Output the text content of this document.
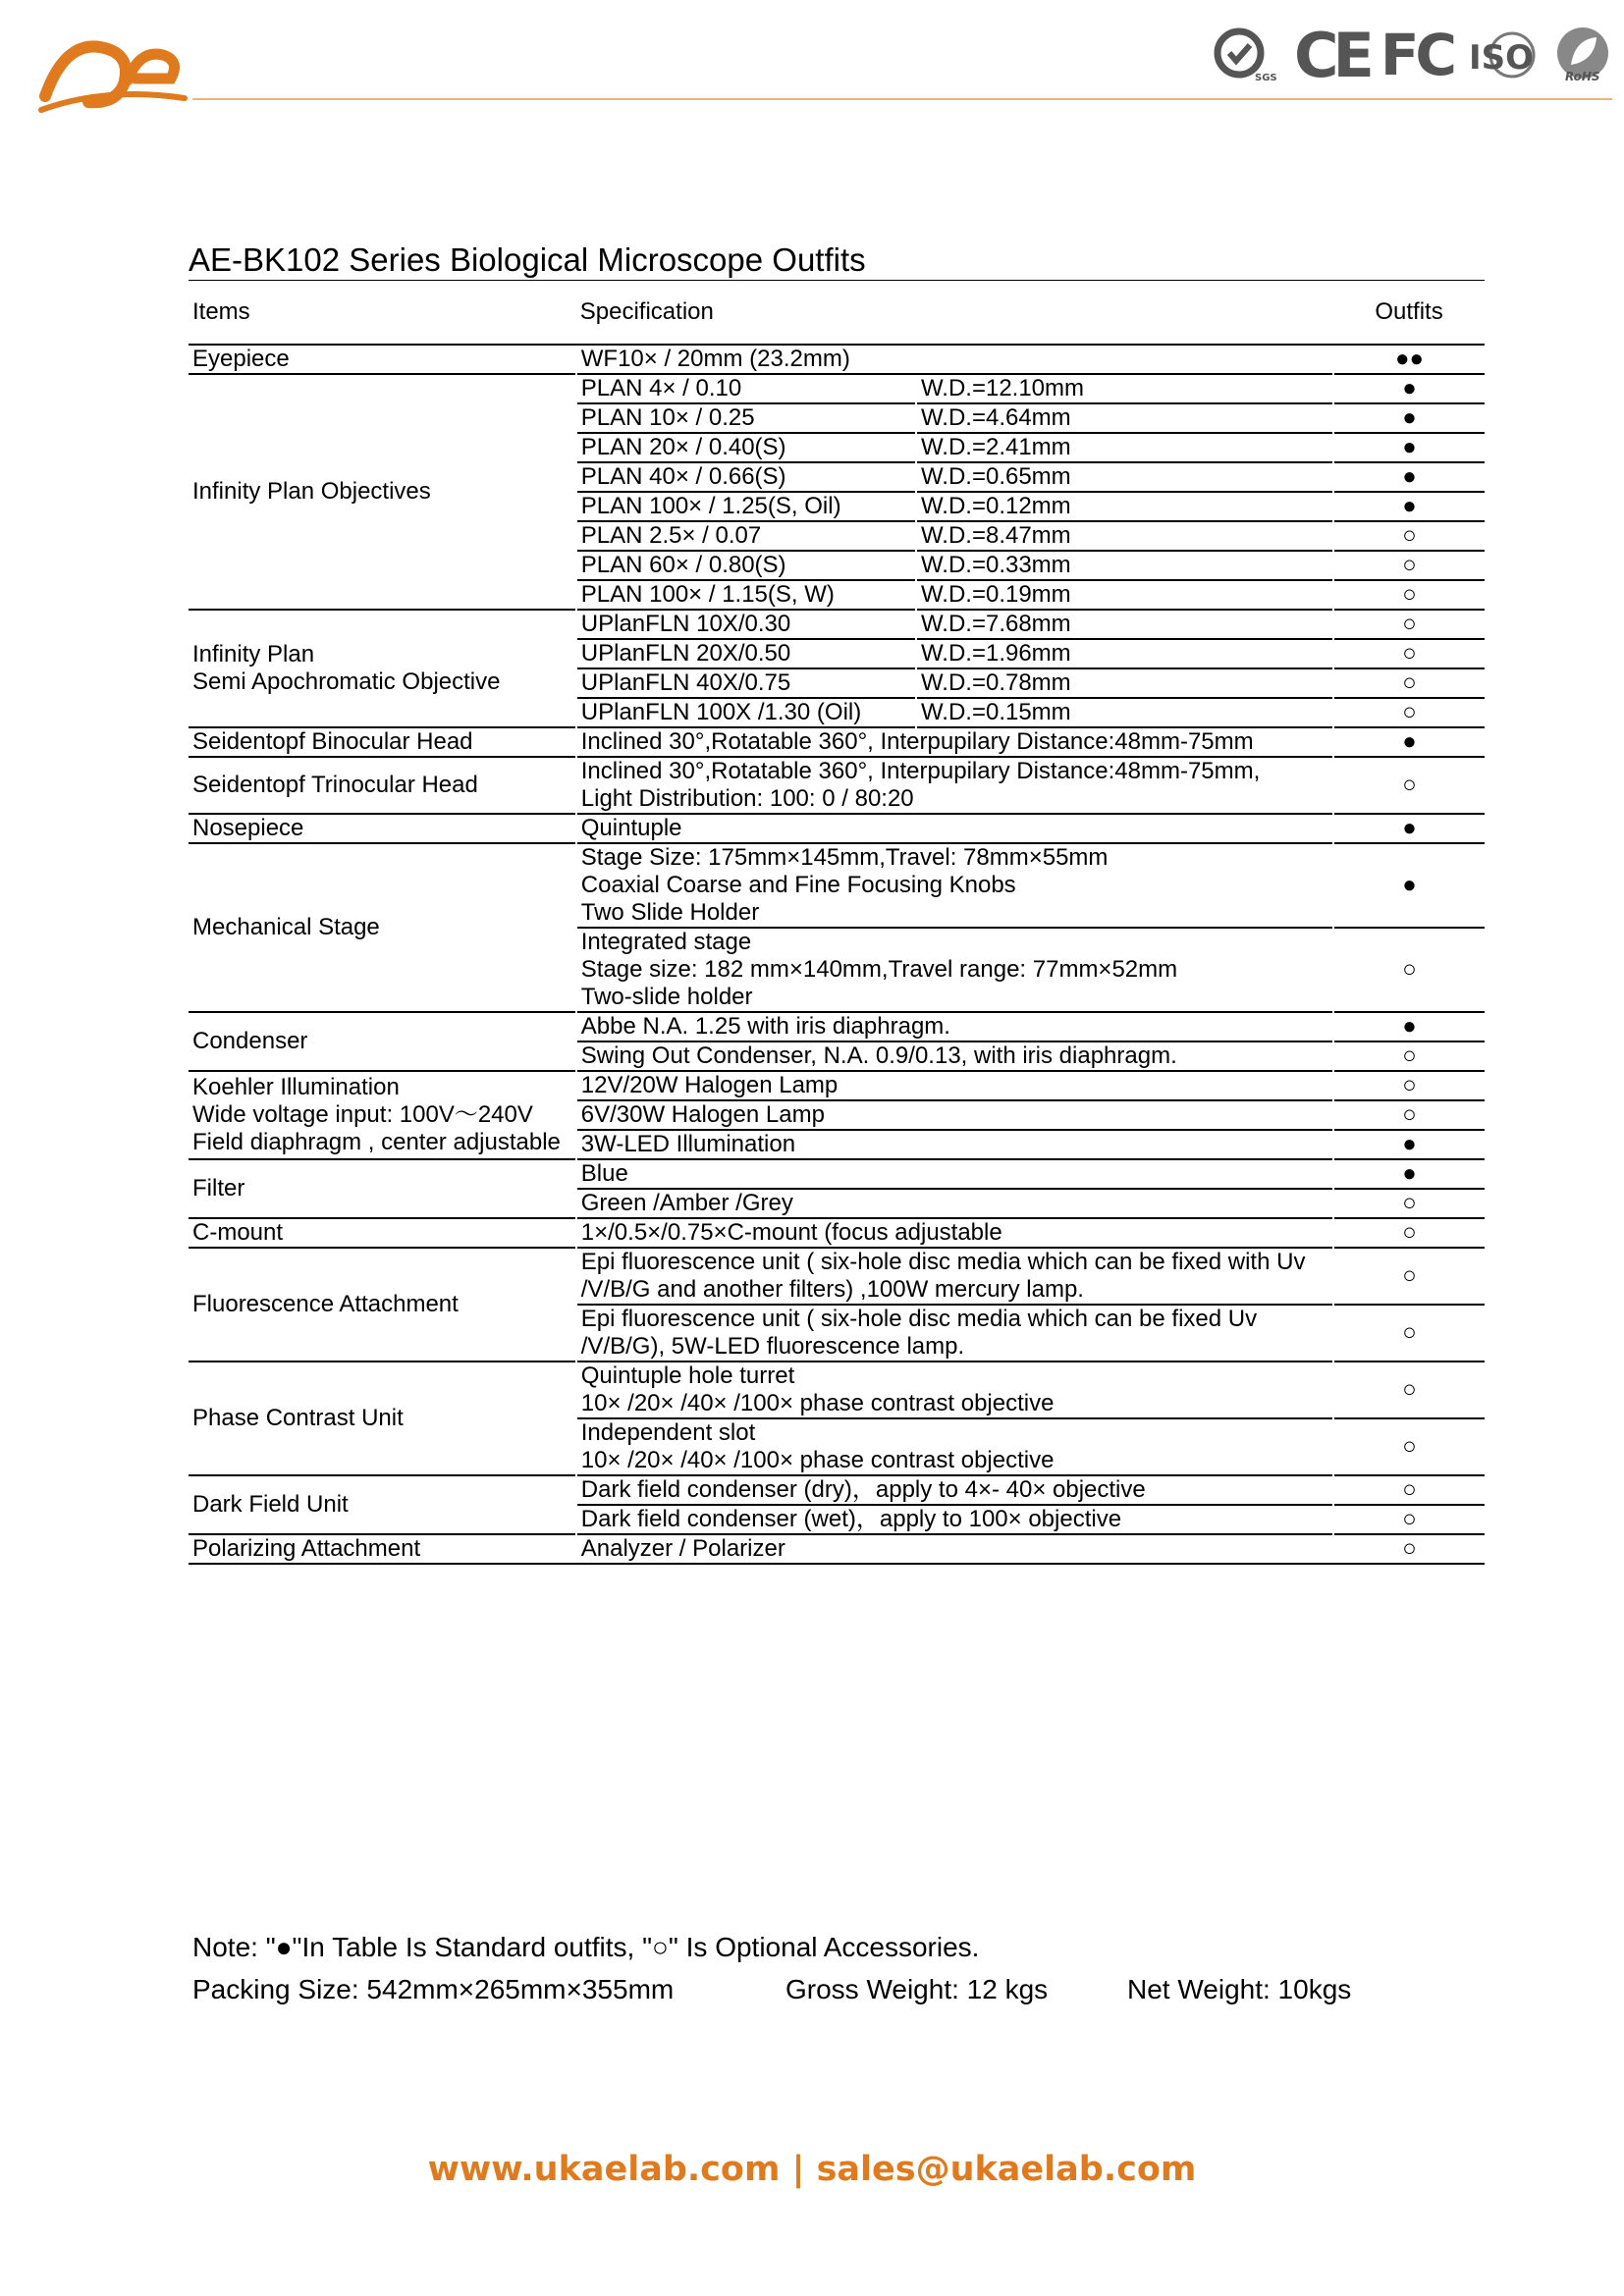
SGS CE FC ISO	RoHS
AE-BK102 Series Biological Microscope Outfits
Items	Specification		Outfits
Eyepiece	WF10× / 20mm (23.2mm)		●●
Infinity Plan Objectives	PLAN 4× / 0.10	W.D.=12.10mm	●
	PLAN 10× / 0.25	W.D.=4.64mm	●
	PLAN 20× / 0.40(S)	W.D.=2.41mm	●
	PLAN 40× / 0.66(S)	W.D.=0.65mm	●
	PLAN 100× / 1.25(S, Oil)	W.D.=0.12mm	●
	PLAN 2.5× / 0.07	W.D.=8.47mm	○
	PLAN 60× / 0.80(S)	W.D.=0.33mm	○
	PLAN 100× / 1.15(S, W)	W.D.=0.19mm	○
Infinity Plan
Semi Apochromatic Objective	UPlanFLN 10X/0.30	W.D.=7.68mm	○
	UPlanFLN 20X/0.50	W.D.=1.96mm	○
	UPlanFLN 40X/0.75	W.D.=0.78mm	○
	UPlanFLN 100X /1.30 (Oil)	W.D.=0.15mm	○
Seidentopf Binocular Head	Inclined 30°,Rotatable 360°, Interpupilary Distance:48mm-75mm		●
Seidentopf Trinocular Head	Inclined 30°,Rotatable 360°, Interpupilary Distance:48mm-75mm,
Light Distribution: 100: 0 / 80:20		○
Nosepiece	Quintuple		●
Mechanical Stage	Stage Size: 175mm×145mm,Travel: 78mm×55mm
Coaxial Coarse and Fine Focusing Knobs
Two Slide Holder		●
	Integrated stage
Stage size: 182 mm×140mm,Travel range: 77mm×52mm
Two-slide holder		○
Condenser	Abbe N.A. 1.25 with iris diaphragm.		●
	Swing Out Condenser, N.A. 0.9/0.13, with iris diaphragm.		○
Koehler Illumination
Wide voltage input: 100V～240V
Field diaphragm , center adjustable	12V/20W Halogen Lamp		○
	6V/30W Halogen Lamp		○
	3W-LED Illumination		●
Filter	Blue		●
	Green /Amber /Grey		○
C-mount	1×/0.5×/0.75×C-mount (focus adjustable		○
Fluorescence Attachment	Epi fluorescence unit ( six-hole disc media which can be fixed with Uv
/V/B/G and another filters) ,100W mercury lamp.		○
	Epi fluorescence unit ( six-hole disc media which can be fixed Uv
/V/B/G), 5W-LED fluorescence lamp.		○
Phase Contrast Unit	Quintuple hole turret
10× /20× /40× /100× phase contrast objective		○
	Independent slot
10× /20× /40× /100× phase contrast objective		○
Dark Field Unit	Dark field condenser (dry)，apply to 4×- 40× objective		○
	Dark field condenser (wet)，apply to 100× objective		○
Polarizing Attachment	Analyzer / Polarizer		○
Note: "●"In Table Is Standard outfits, "○" Is Optional Accessories.
Packing Size: 542mm×265mm×355mm	Gross Weight: 12 kgs	Net Weight: 10kgs
www.ukaelab.com | sales@ukaelab.com
